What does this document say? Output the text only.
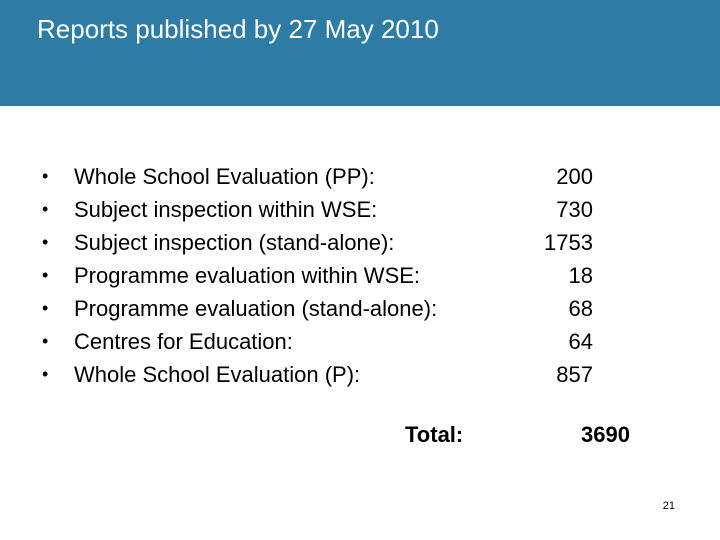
Reports published by 27 May 2010
• Whole School Evaluation (PP):	200
• Subject inspection within WSE:	730
• Subject inspection (stand-alone):	1753
• Programme evaluation within WSE:	18
• Programme evaluation (stand-alone):	68
• Centres for Education:	64
• Whole School Evaluation (P):	857
Total:	3690
21
